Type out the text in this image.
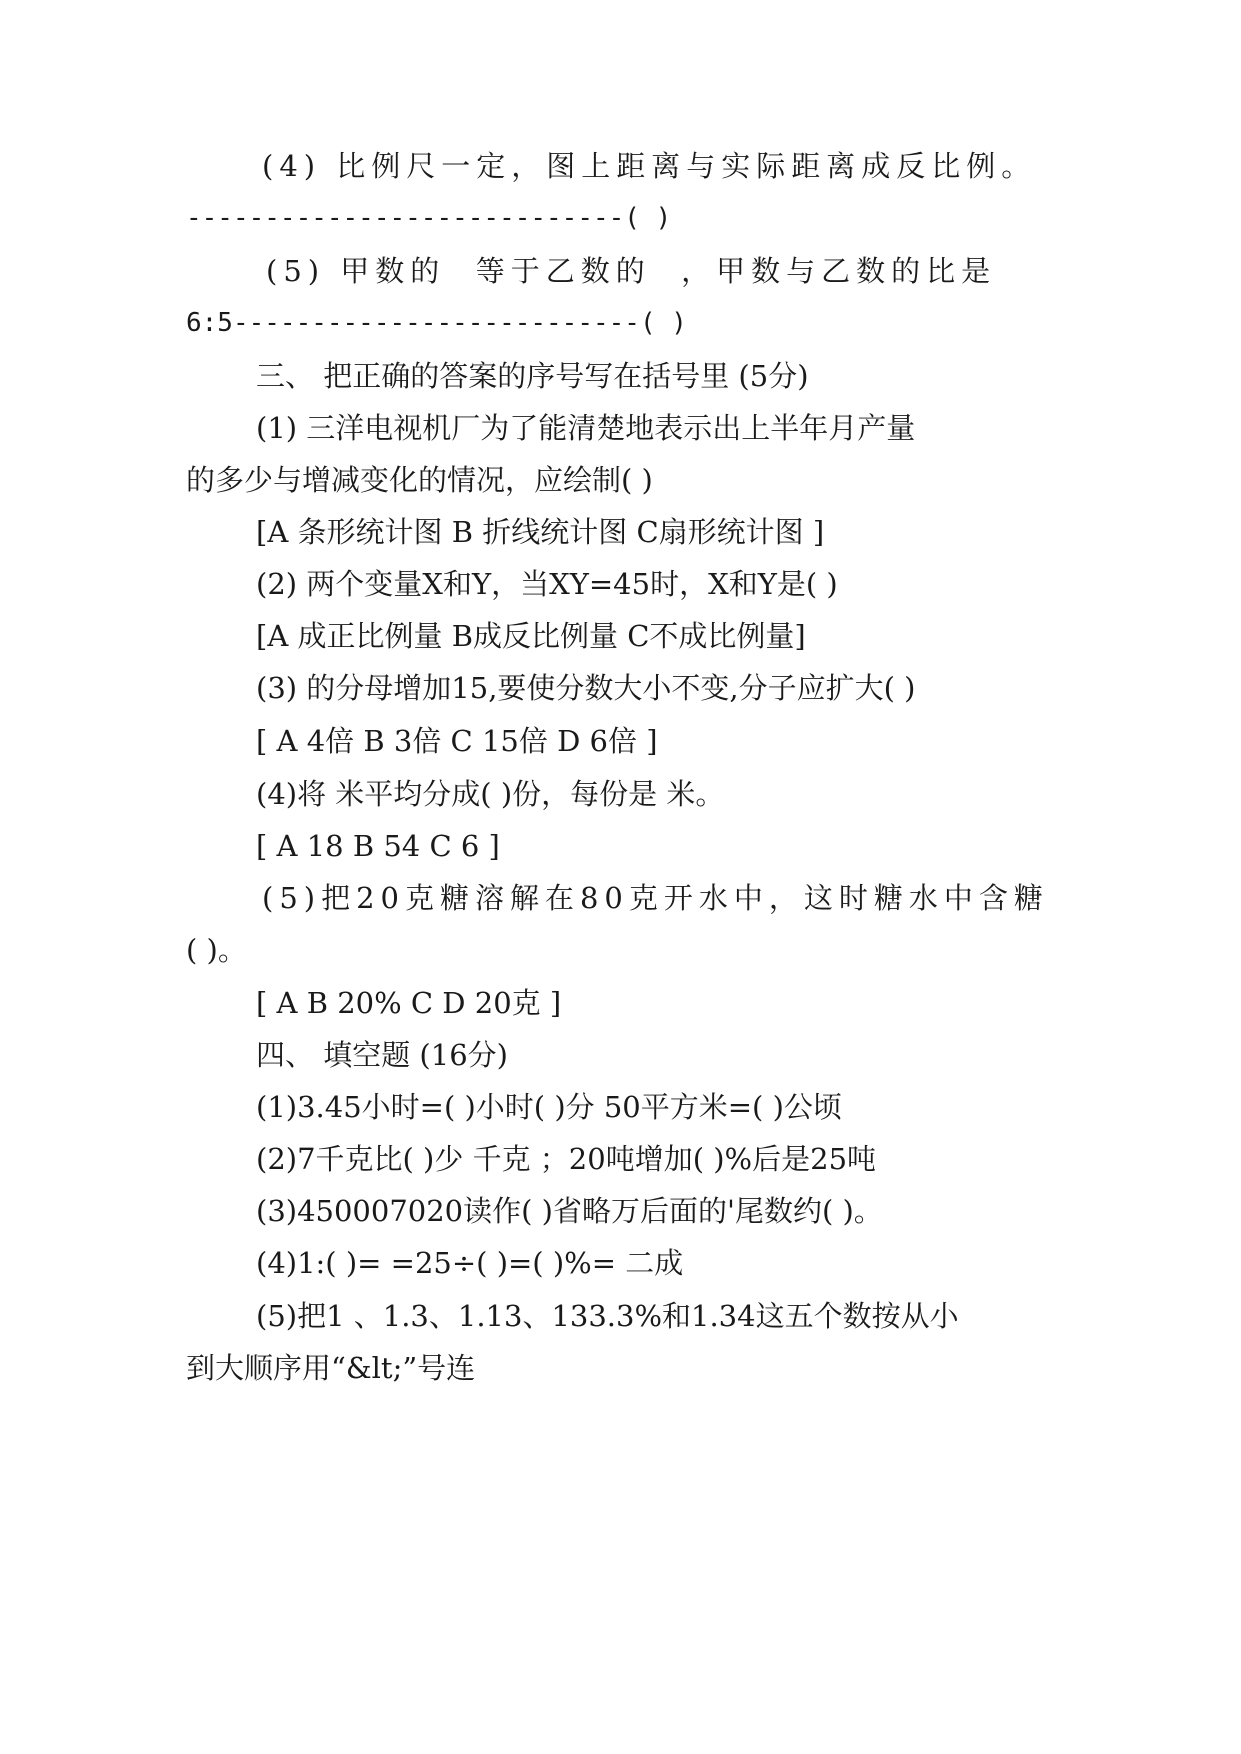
(4) 比例尺一定，图上距离与实际距离成反比例。
----------------------------( )
(5) 甲数的  等于乙数的  ，甲数与乙数的比是
6:5--------------------------( )
三、 把正确的答案的序号写在括号里 (5分)
(1) 三洋电视机厂为了能清楚地表示出上半年月产量
的多少与增减变化的情况，应绘制( )
[A 条形统计图 B 折线统计图 C扇形统计图 ]
(2) 两个变量X和Y，当XY=45时，X和Y是( )
[A 成正比例量 B成反比例量 C不成比例量]
(3) 的分母增加15,要使分数大小不变,分子应扩大( )
[ A 4倍 B 3倍 C 15倍 D 6倍 ]
(4)将 米平均分成( )份，每份是 米。
[ A 18 B 54 C 6 ]
(5)把20克糖溶解在80克开水中，这时糖水中含糖
( )。
[ A B 20% C D 20克 ]
四、 填空题 (16分)
(1)3.45小时=( )小时( )分 50平方米=( )公顷
(2)7千克比( )少 千克 ；20吨增加( )%后是25吨
(3)450007020读作( )省略万后面的'尾数约( )。
(4)1:( )= =25÷( )=( )%= 二成
(5)把1 、1.3、1.13、133.3%和1.34这五个数按从小
到大顺序用“&lt;”号连
